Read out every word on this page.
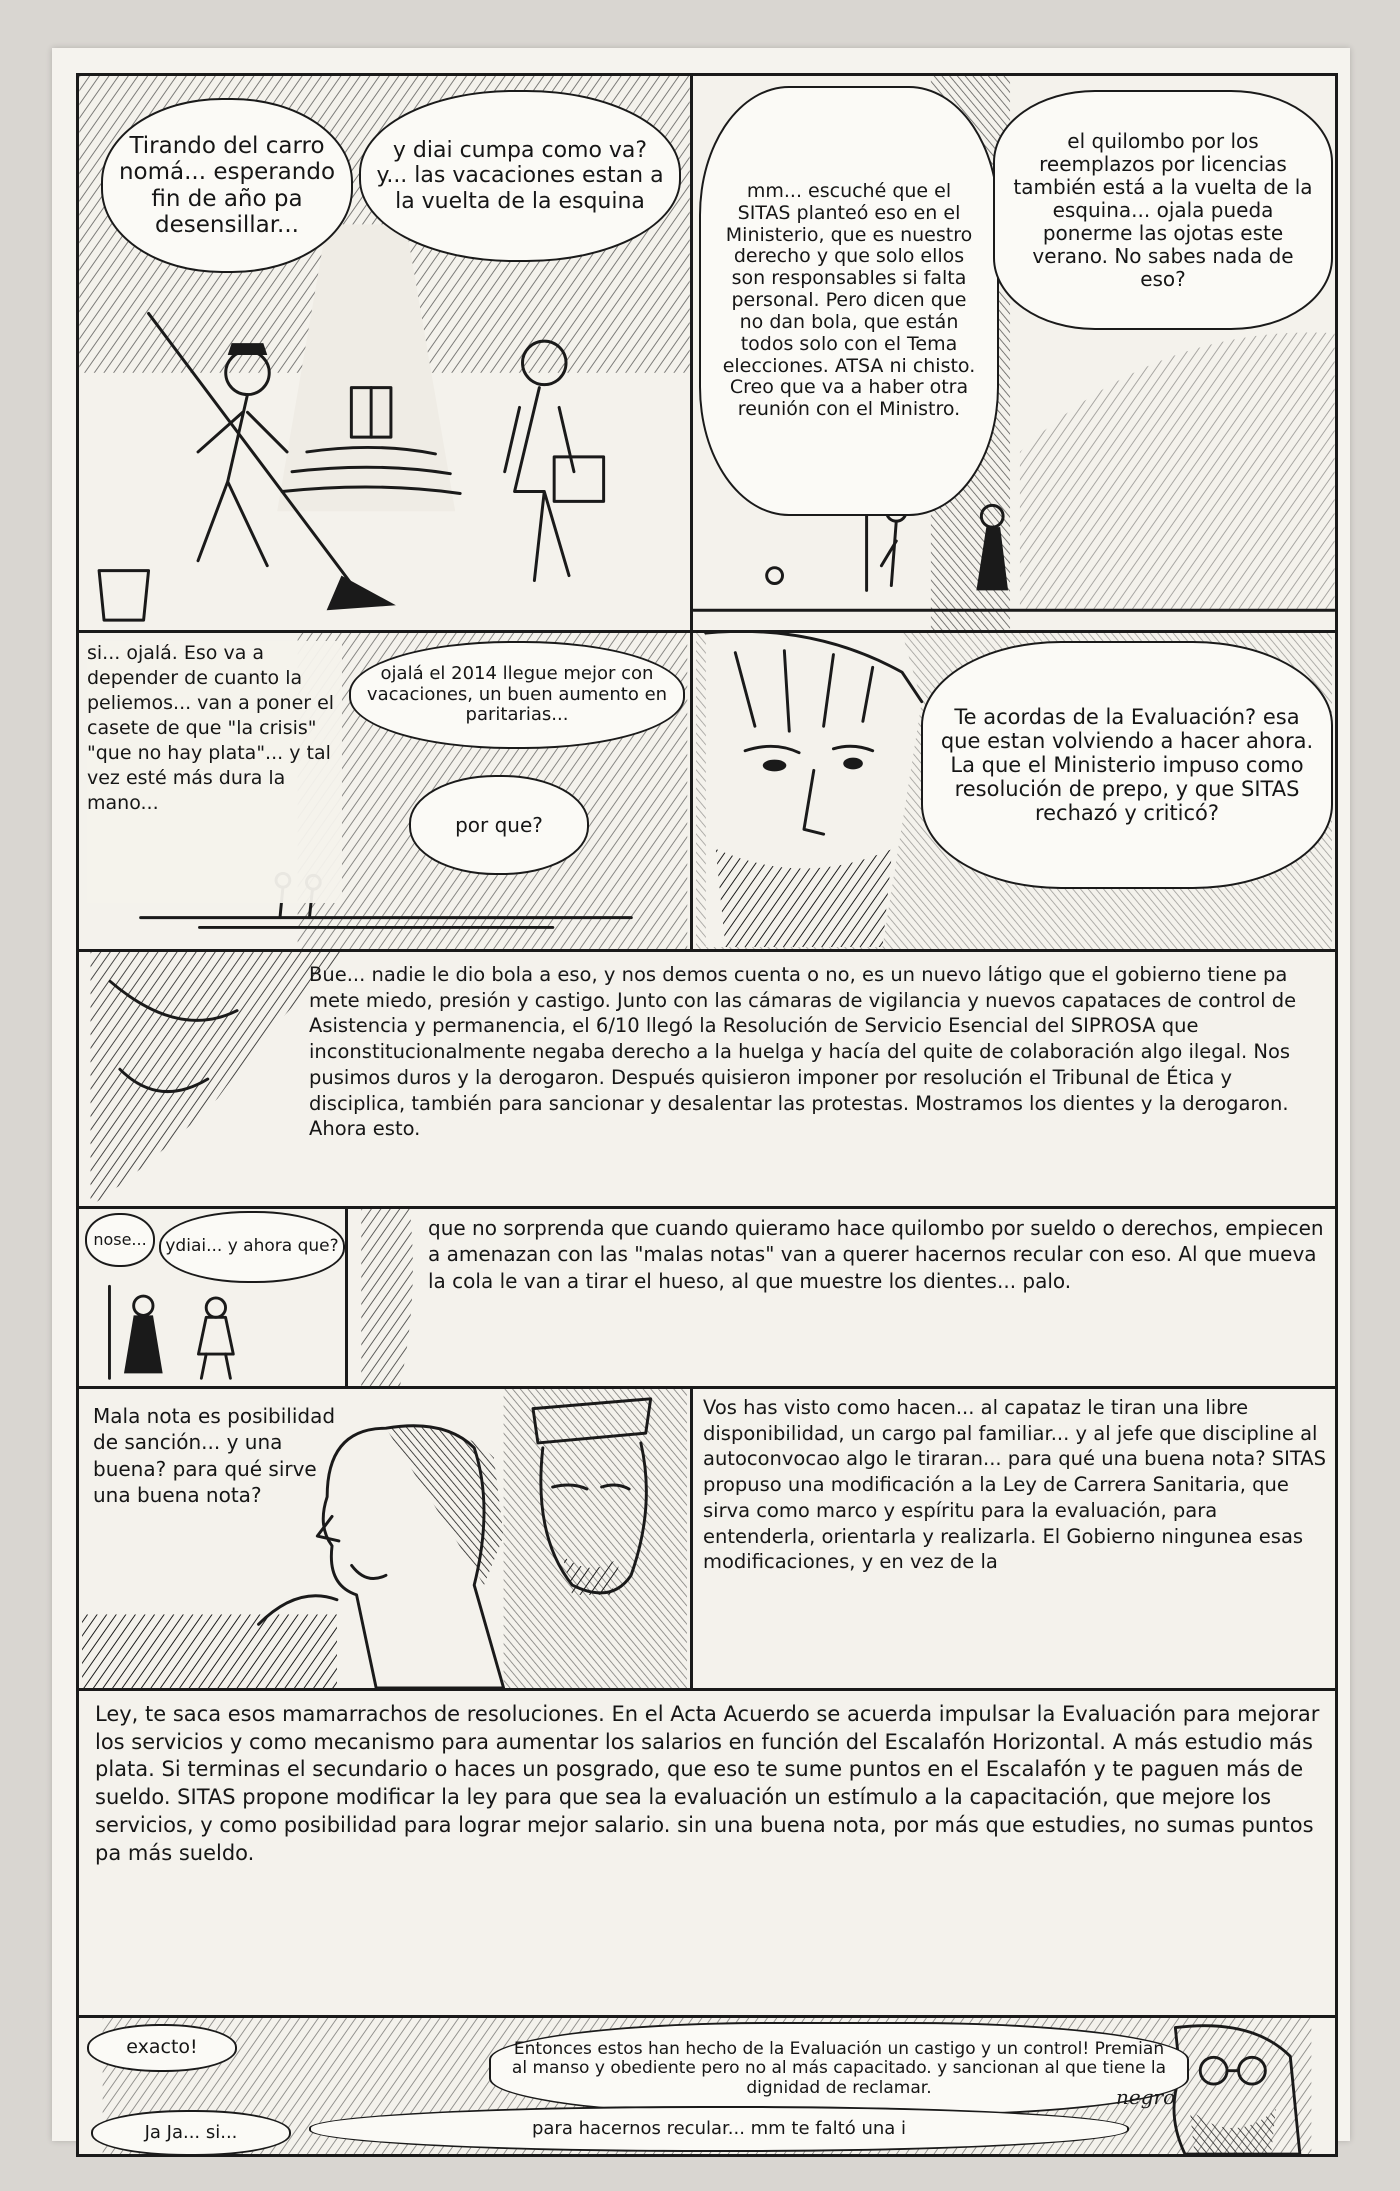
Tirando del carro nomá... esperando fin de año pa desensillar...
y diai cumpa como va? y... las vacaciones estan a la vuelta de la esquina	mm... escuché que el SITAS planteó eso en el Ministerio, que es nuestro derecho y que solo ellos son responsables si falta personal. Pero dicen que no dan bola, que están todos solo con el Tema elecciones. ATSA ni chisto. Creo que va a haber otra reunión con el Ministro.
el quilombo por los reemplazos por licencias también está a la vuelta de la esquina... ojala pueda ponerme las ojotas este verano. No sabes nada de eso?
si... ojalá. Eso va a depender de cuanto la peliemos... van a poner el casete de que "la crisis" "que no hay plata"... y tal vez esté más dura la mano...
ojalá el 2014 llegue mejor con vacaciones, un buen aumento en paritarias...
por que?
Te acordas de la Evaluación? esa que estan volviendo a hacer ahora. La que el Ministerio impuso como resolución de prepo, y que SITAS rechazó y criticó?
Bue... nadie le dio bola a eso, y nos demos cuenta o no, es un nuevo látigo que el gobierno tiene pa mete miedo, presión y castigo. Junto con las cámaras de vigilancia y nuevos capataces de control de Asistencia y permanencia, el 6/10 llegó la Resolución de Servicio Esencial del SIPROSA que inconstitucionalmente negaba derecho a la huelga y hacía del quite de colaboración algo ilegal. Nos pusimos duros y la derogaron. Después quisieron imponer por resolución el Tribunal de Ética y disciplica, también para sancionar y desalentar las protestas. Mostramos los dientes y la derogaron. Ahora esto.
nose...	ydiai... y ahora que?
que no sorprenda que cuando quieramo hace quilombo por sueldo o derechos, empiecen a amenazan con las "malas notas" van a querer hacernos recular con eso. Al que mueva la cola le van a tirar el hueso, al que muestre los dientes... palo.
Mala nota es posibilidad de sanción... y una buena? para qué sirve una buena nota?
Vos has visto como hacen... al capataz le tiran una libre disponibilidad, un cargo pal familiar... y al jefe que discipline al autoconvocao algo le tiraran... para qué una buena nota? SITAS propuso una modificación a la Ley de Carrera Sanitaria, que sirva como marco y espíritu para la evaluación, para entenderla, orientarla y realizarla. El Gobierno ningunea esas modificaciones, y en vez de la
Ley, te saca esos mamarrachos de resoluciones. En el Acta Acuerdo se acuerda impulsar la Evaluación para mejorar los servicios y como mecanismo para aumentar los salarios en función del Escalafón Horizontal. A más estudio más plata. Si terminas el secundario o haces un posgrado, que eso te sume puntos en el Escalafón y te paguen más de sueldo. SITAS propone modificar la ley para que sea la evaluación un estímulo a la capacitación, que mejore los servicios, y como posibilidad para lograr mejor salario. sin una buena nota, por más que estudies, no sumas puntos pa más sueldo.
exacto!	Entonces estos han hecho de la Evaluación un castigo y un control! Premian al manso y obediente pero no al más capacitado. y sancionan al que tiene la dignidad de reclamar.
para hacernos recular... mm te faltó una i
Ja Ja... si...
negro
